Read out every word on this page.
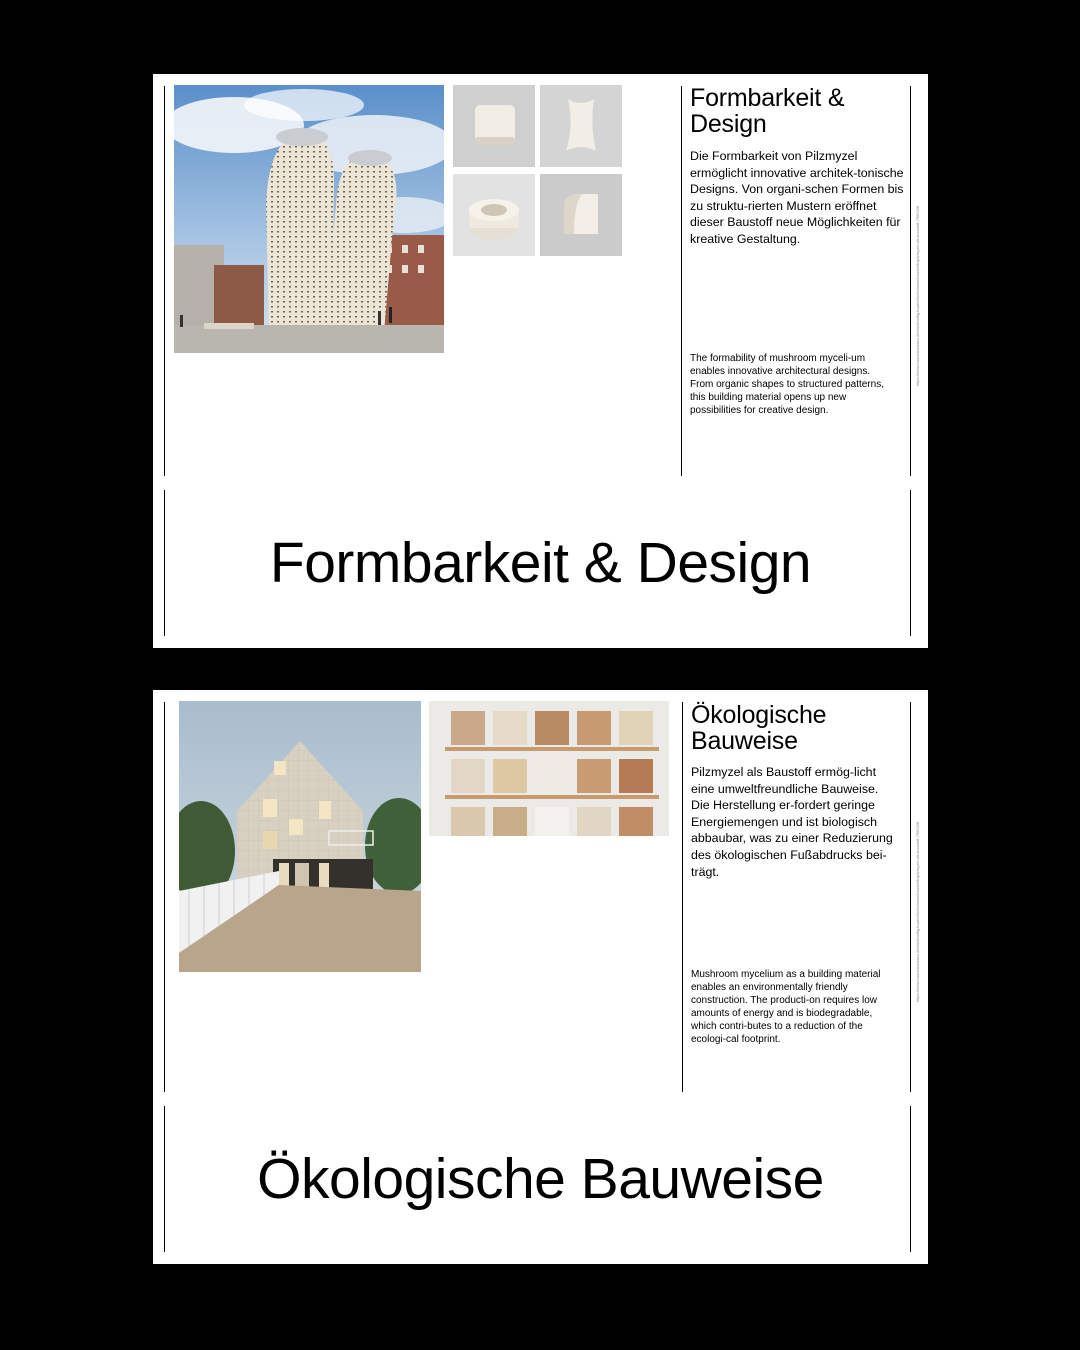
Formbarkeit & Design

Die Formbarkeit von Pilzmyzel ermöglicht innovative architek-tonische Designs. Von organi-schen Formen bis zu struktu-rierten Mustern eröffnet dieser Baustoff neue Möglichkeiten für kreative Gestaltung.

The formability of mushroom myceli-um enables innovative architectural designs. From organic shapes to structured patterns, this building material opens up new possibilities for creative design.

https://www.baunetzwissen.de/nachhaltig-bauen/fachwissen/baustoffe/pilzmyzel-als-baustoff-7566328
Formbarkeit & Design
Ökologische Bauweise

Pilzmyzel als Baustoff ermög-licht eine umweltfreundliche Bauweise. Die Herstellung er-fordert geringe Energiemengen und ist biologisch abbaubar, was zu einer Reduzierung des ökologischen Fußabdrucks bei-trägt.

Mushroom mycelium as a building material enables an environmentally friendly construction. The producti-on requires low amounts of energy and is biodegradable, which contri-butes to a reduction of the ecologi-cal footprint.

https://www.baunetzwissen.de/nachhaltig-bauen/fachwissen/baustoffe/pilzmyzel-als-baustoff-7566328
Ökologische Bauweise
